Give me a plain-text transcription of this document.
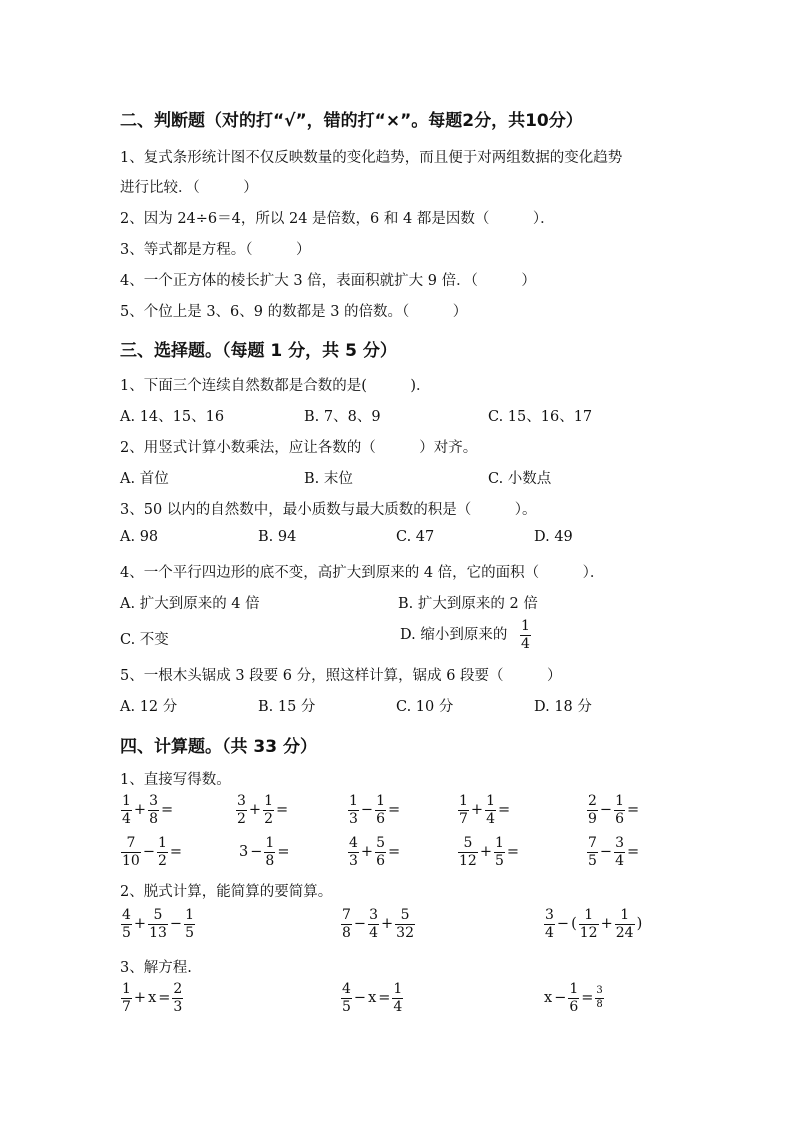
二、判断题（对的打“√”，错的打“×”。每题2分，共10分）
1、复式条形统计图不仅反映数量的变化趋势，而且便于对两组数据的变化趋势
进行比较．（　　　）
2、因为 24÷6＝4，所以 24 是倍数，6 和 4 都是因数（　　　）．
3、等式都是方程。（　　　）
4、一个正方体的棱长扩大 3 倍，表面积就扩大 9 倍．（　　　）
5、个位上是 3、6、9 的数都是 3 的倍数。（　　　）
三、选择题。（每题 1 分，共 5 分）
1、下面三个连续自然数都是合数的是(　　　)．
A. 14、15、16	B. 7、8、9	C. 15、16、17
2、用竖式计算小数乘法，应让各数的（　　　）对齐。
A. 首位	B. 末位	C. 小数点
3、50 以内的自然数中，最小质数与最大质数的积是（　　　）。
A. 98	B. 94	C. 47	D. 49
4、一个平行四边形的底不变，高扩大到原来的 4 倍，它的面积（　　　）．
A. 扩大到原来的 4 倍	B. 扩大到原来的 2 倍
C. 不变	D. 缩小到原来的 $\frac{1}{4}$
5、一根木头锯成 3 段要 6 分，照这样计算，锯成 6 段要（　　　）
A. 12 分	B. 15 分	C. 10 分	D. 18 分
四、计算题。（共 33 分）
1、直接写得数。
$\frac{1}{4} + \frac{3}{8}$ =	$\frac{3}{2} + \frac{1}{2}$ =	$\frac{1}{3} - \frac{1}{6}$ =	$\frac{1}{7} + \frac{1}{4}$ =	$\frac{2}{9} - \frac{1}{6}$ =
$\frac{7}{10} - \frac{1}{2}$ =	$3 - \frac{1}{8}$ =	$\frac{4}{3} + \frac{5}{6}$ =	$\frac{5}{12} + \frac{1}{5}$ =	$\frac{7}{5} - \frac{3}{4}$ =
2、脱式计算，能简算的要简算。
$\frac{4}{5} + \frac{5}{13} - \frac{1}{5}$	$\frac{7}{8} - \frac{3}{4} + \frac{5}{32}$	$\frac{3}{4}$ − ( $\frac{1}{12} + \frac{1}{24}$ )
3、解方程.
$\frac{1}{7} + x = \frac{2}{3}$	$\frac{4}{5} - x = \frac{1}{4}$	$x - \frac{1}{6} = \frac{3}{8}$
